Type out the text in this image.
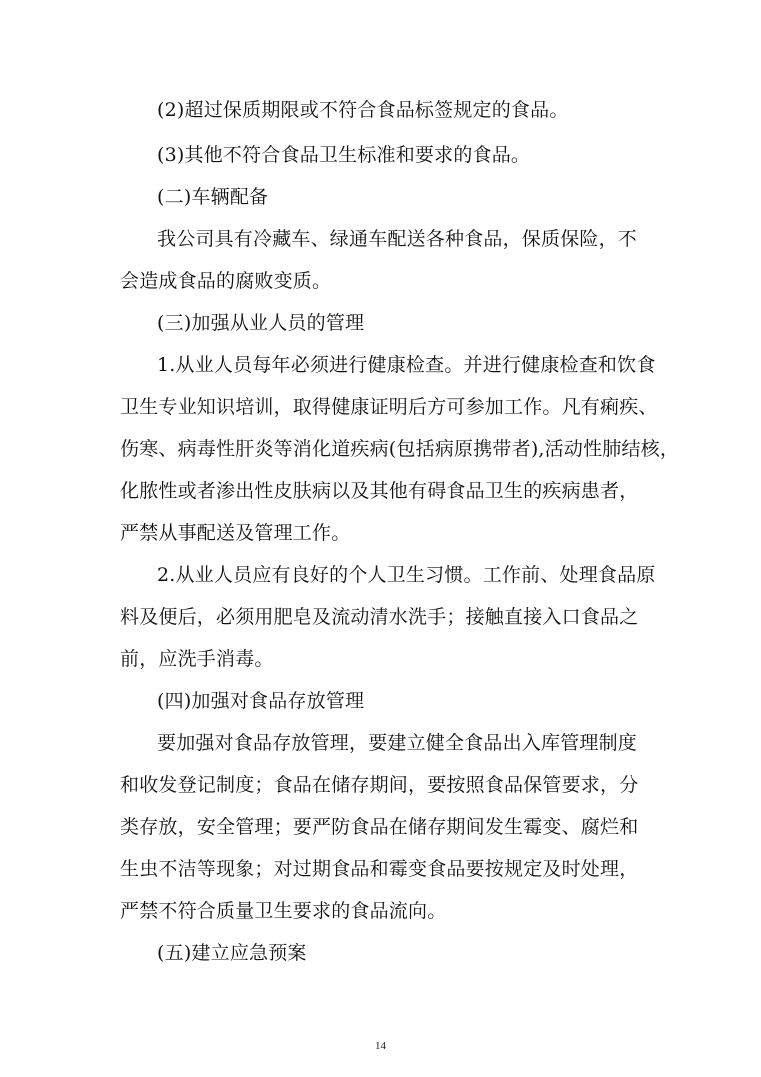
(2)超过保质期限或不符合食品标签规定的食品。
(3)其他不符合食品卫生标准和要求的食品。
(二)车辆配备
我公司具有冷藏车、绿通车配送各种食品，保质保险，不
会造成食品的腐败变质。
(三)加强从业人员的管理
1.从业人员每年必须进行健康检查。并进行健康检查和饮食
卫生专业知识培训，取得健康证明后方可参加工作。凡有痢疾、
伤寒、病毒性肝炎等消化道疾病(包括病原携带者),活动性肺结核，
化脓性或者渗出性皮肤病以及其他有碍食品卫生的疾病患者，
严禁从事配送及管理工作。
2.从业人员应有良好的个人卫生习惯。工作前、处理食品原
料及便后，必须用肥皂及流动清水洗手；接触直接入口食品之
前，应洗手消毒。
(四)加强对食品存放管理
要加强对食品存放管理，要建立健全食品出入库管理制度
和收发登记制度；食品在储存期间，要按照食品保管要求，分
类存放，安全管理；要严防食品在储存期间发生霉变、腐烂和
生虫不洁等现象；对过期食品和霉变食品要按规定及时处理，
严禁不符合质量卫生要求的食品流向。
(五)建立应急预案
14
